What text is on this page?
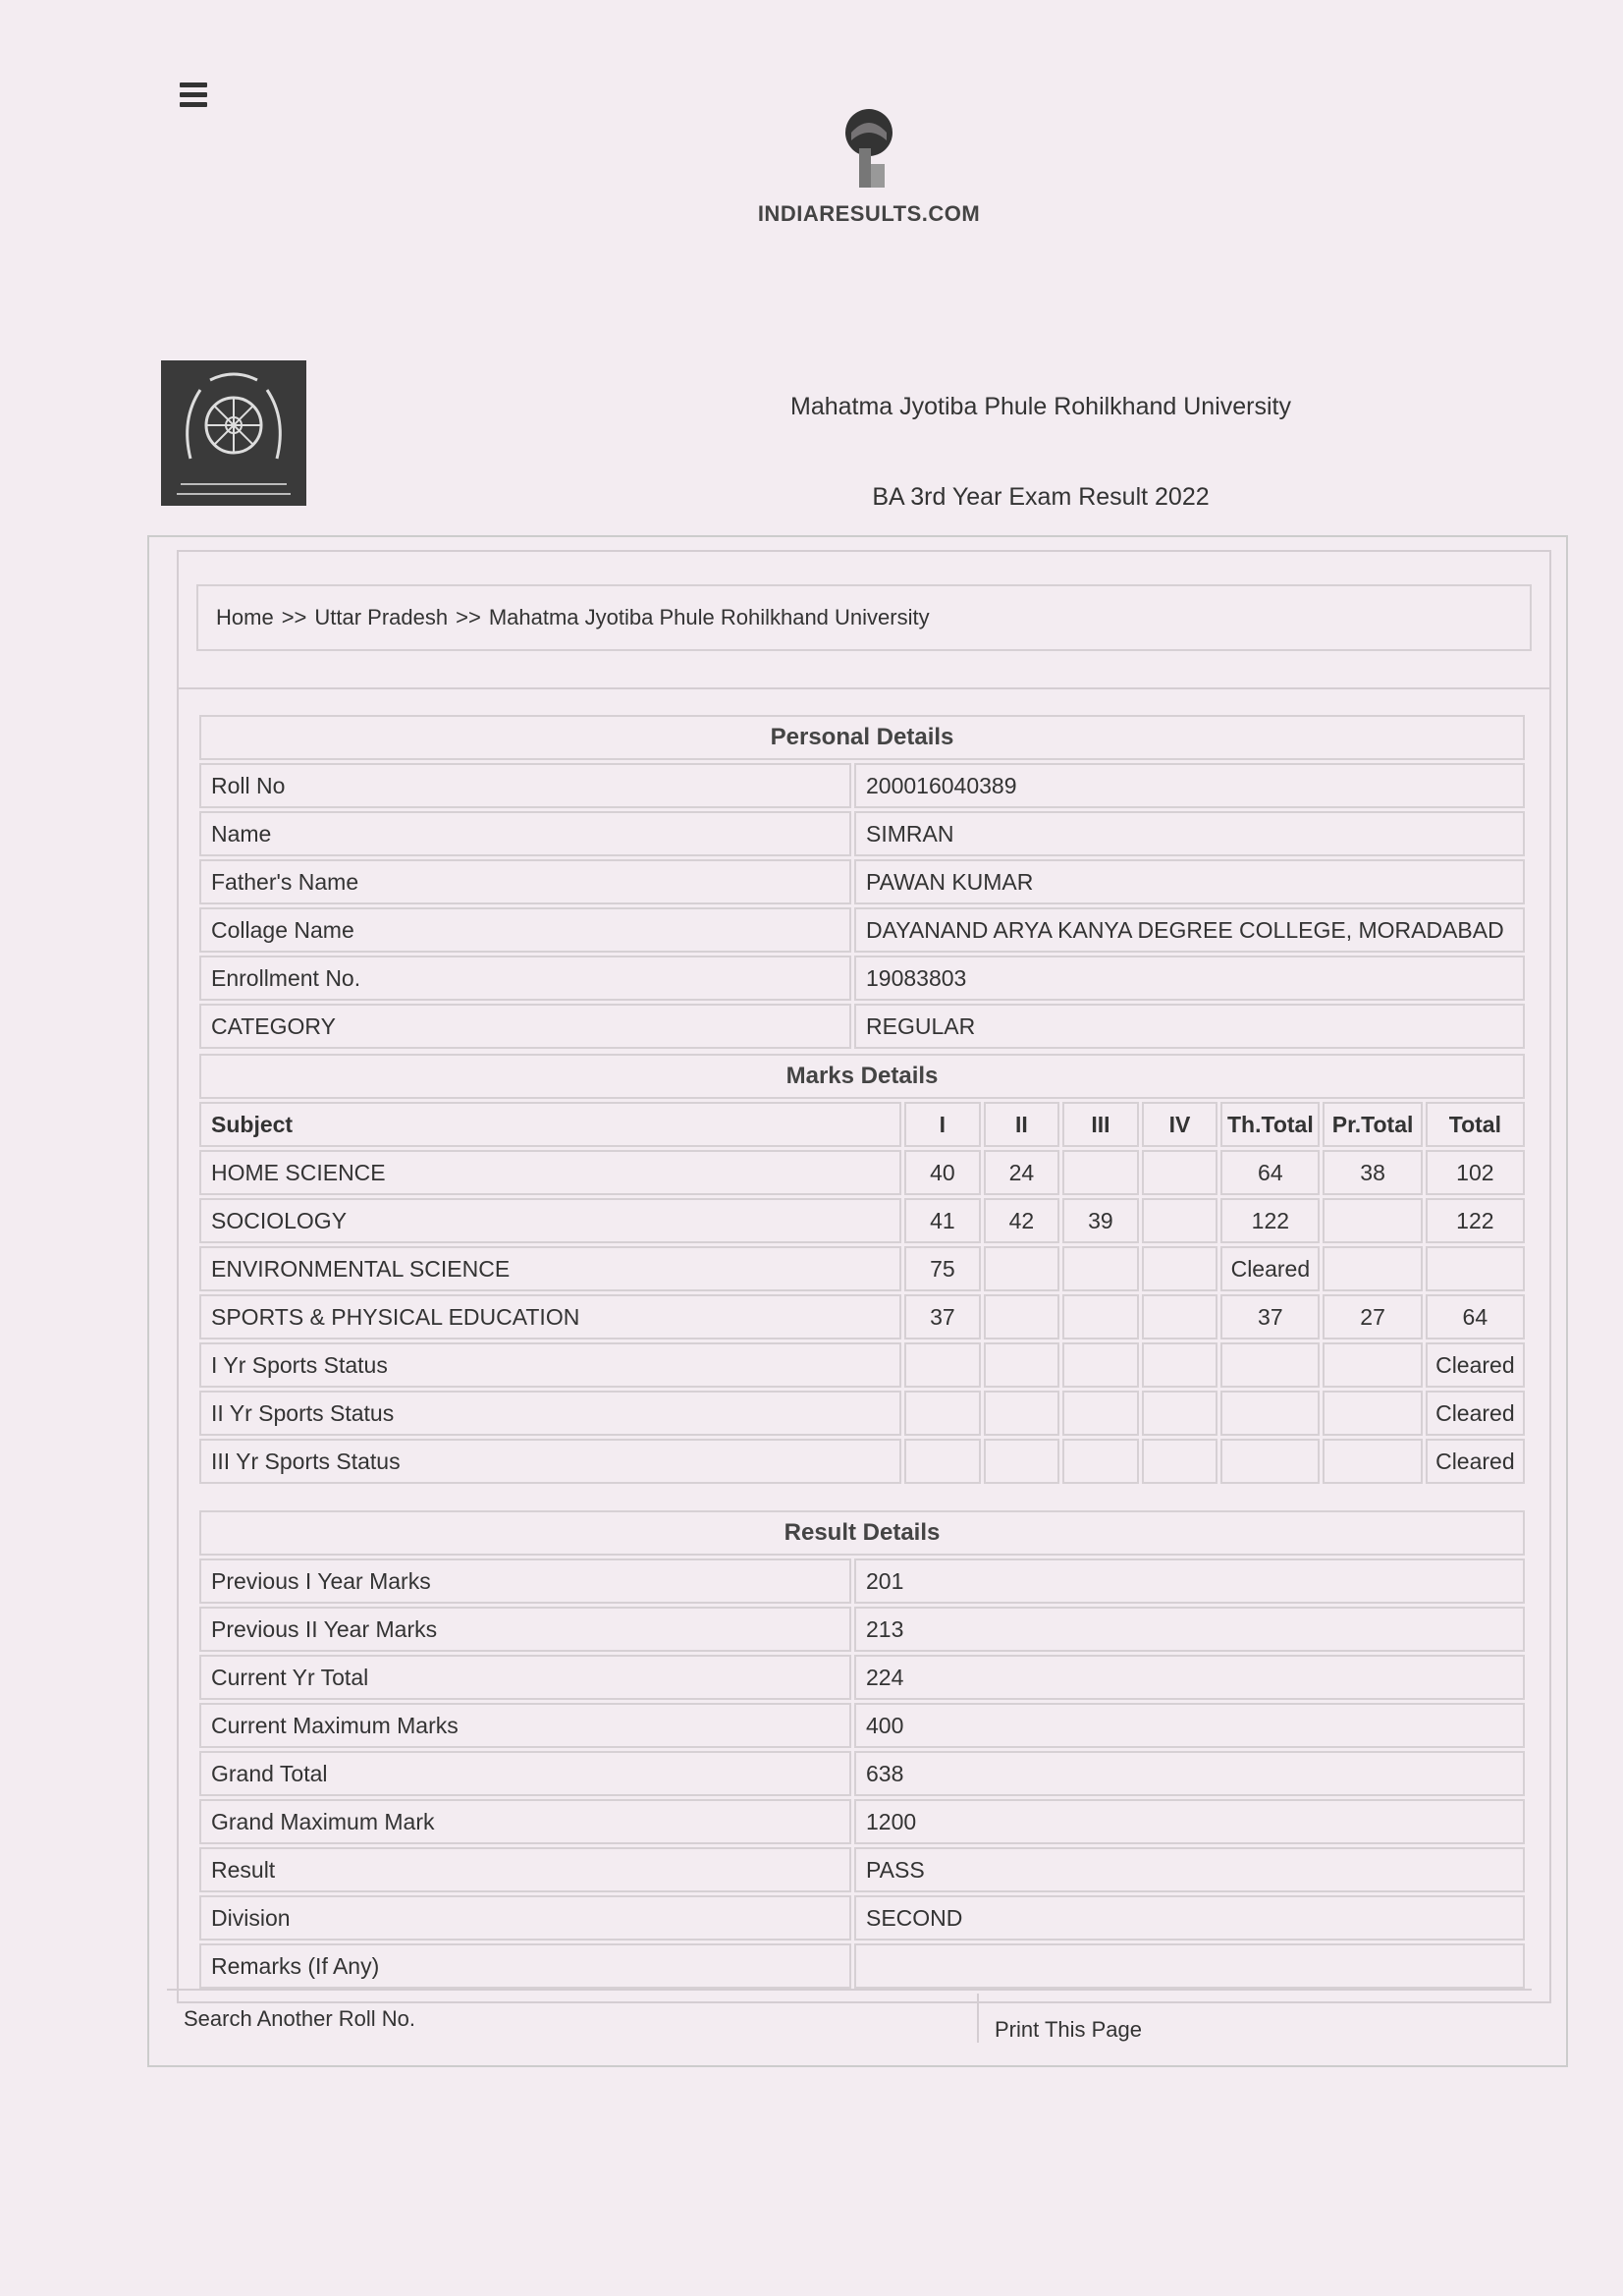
INDIARESULTS.COM
Mahatma Jyotiba Phule Rohilkhand University
BA 3rd Year Exam Result 2022
Home >> Uttar Pradesh >> Mahatma Jyotiba Phule Rohilkhand University
Personal Details	
Roll No	200016040389
Name	SIMRAN
Father's Name	PAWAN KUMAR
Collage Name	DAYANAND ARYA KANYA DEGREE COLLEGE, MORADABAD
Enrollment No.	19083803
CATEGORY	REGULAR
Marks Details							
Subject	I	II	III	IV	Th.Total	Pr.Total	Total
HOME SCIENCE	40	24			64	38	102
SOCIOLOGY	41	42	39		122		122
ENVIRONMENTAL SCIENCE	75				Cleared		
SPORTS & PHYSICAL EDUCATION	37				37	27	64
I Yr Sports Status							Cleared
II Yr Sports Status							Cleared
III Yr Sports Status							Cleared
Result Details	
Previous I Year Marks	201
Previous II Year Marks	213
Current Yr Total	224
Current Maximum Marks	400
Grand Total	638
Grand Maximum Mark	1200
Result	PASS
Division	SECOND
Remarks (If Any)	
Search Another Roll No.	Print This Page
